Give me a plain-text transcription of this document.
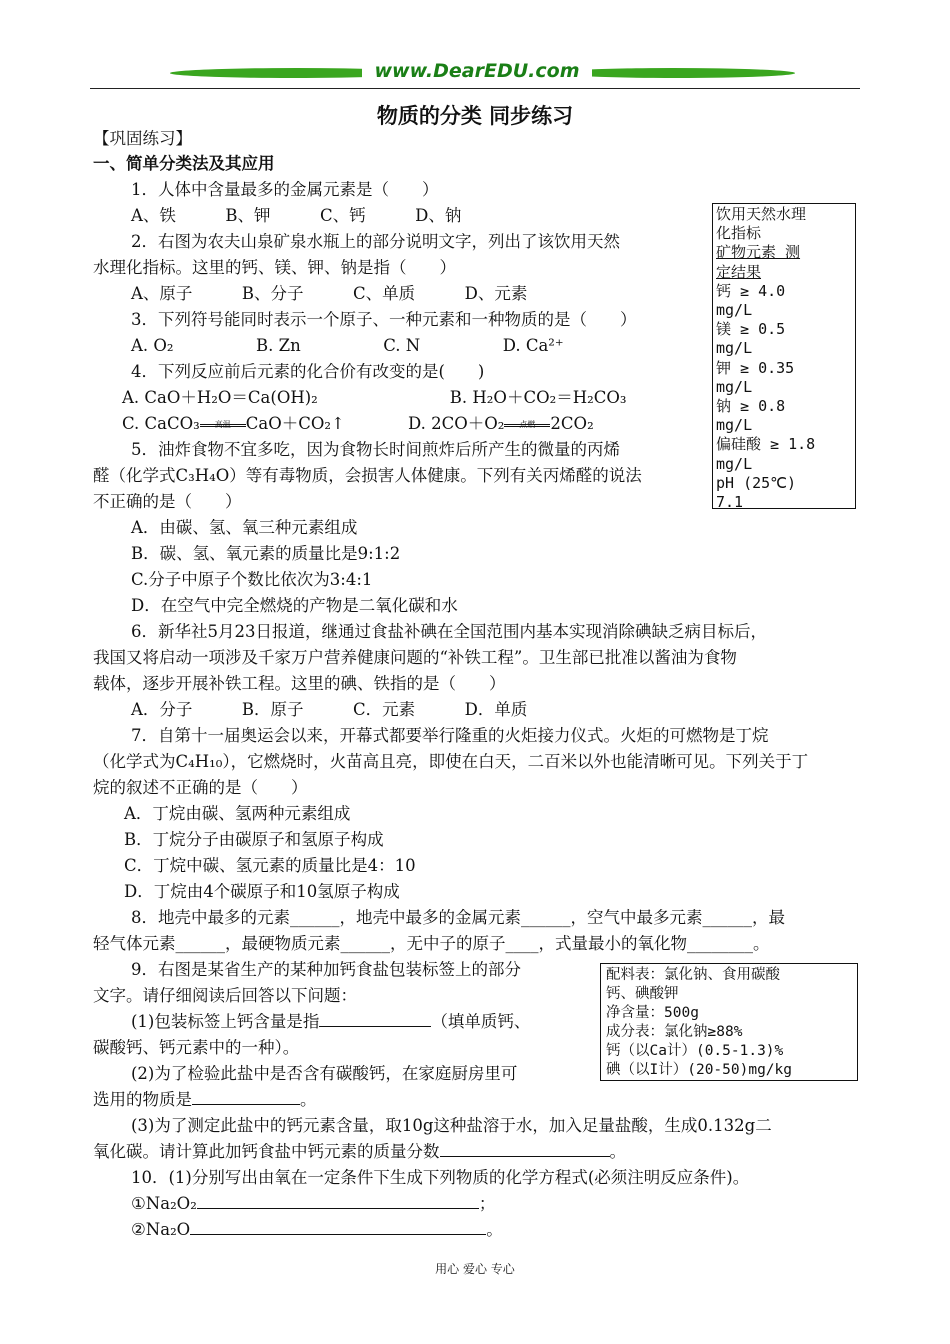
www.DearEDU.com
物质的分类 同步练习
【巩固练习】
一、简单分类法及其应用
1．人体中含量最多的金属元素是（　　）
A、铁　　　B、钾　　　C、钙　　　D、钠
2．右图为农夫山泉矿泉水瓶上的部分说明文字，列出了该饮用天然
水理化指标。这里的钙、镁、钾、钠是指（　　）
A、原子　　　B、分子　　　C、单质　　　D、元素
3．下列符号能同时表示一个原子、一种元素和一种物质的是（　　）
A. O₂　　　　　B. Zn　　　　　C. N　　　　　D. Ca²⁺
4．下列反应前后元素的化合价有改变的是(　　)
A. CaO＋H₂O＝Ca(OH)₂　　　　　　　　B. H₂O＋CO₂＝H₂CO₃
C. CaCO₃	高温 CaO＋CO₂↑	D. 2CO＋O₂	点燃 2CO₂
5．油炸食物不宜多吃，因为食物长时间煎炸后所产生的微量的丙烯
醛（化学式C₃H₄O）等有毒物质，会损害人体健康。下列有关丙烯醛的说法
不正确的是（　　）
A．由碳、氢、氧三种元素组成
B．碳、氢、氧元素的质量比是9:1:2
C.分子中原子个数比依次为3:4:1
D．在空气中完全燃烧的产物是二氧化碳和水
6．新华社5月23日报道，继通过食盐补碘在全国范围内基本实现消除碘缺乏病目标后，
我国又将启动一项涉及千家万户营养健康问题的“补铁工程”。卫生部已批准以酱油为食物
载体，逐步开展补铁工程。这里的碘、铁指的是（　　）
A．分子　　　B．原子　　　C．元素　　　D．单质
7．自第十一届奥运会以来，开幕式都要举行隆重的火炬接力仪式。火炬的可燃物是丁烷
（化学式为C₄H₁₀），它燃烧时，火苗高且亮，即使在白天，二百米以外也能清晰可见。下列关于丁
烷的叙述不正确的是（　　）
A．丁烷由碳、氢两种元素组成
B．丁烷分子由碳原子和氢原子构成
C．丁烷中碳、氢元素的质量比是4：10
D．丁烷由4个碳原子和10氢原子构成
8．地壳中最多的元素______，地壳中最多的金属元素______，空气中最多元素______，最
轻气体元素______，最硬物质元素______，无中子的原子____，式量最小的氧化物________。
9．右图是某省生产的某种加钙食盐包装标签上的部分
文字。请仔细阅读后回答以下问题：
(1)包装标签上钙含量是指	（填单质钙、
碳酸钙、钙元素中的一种）。
(2)为了检验此盐中是否含有碳酸钙，在家庭厨房里可
选用的物质是	。
(3)为了测定此盐中的钙元素含量，取10g这种盐溶于水，加入足量盐酸，生成0.132g二
氧化碳。请计算此加钙食盐中钙元素的质量分数	。
10．(1)分别写出由氧在一定条件下生成下列物质的化学方程式(必须注明反应条件)。
①Na₂O₂	；
②Na₂O	。
饮用天然水理
化指标
矿物元素 测
定结果
钙 ≥ 4.0
mg/L
镁 ≥ 0.5
mg/L
钾 ≥ 0.35
mg/L
钠 ≥ 0.8
mg/L
偏硅酸 ≥ 1.8
mg/L
pH (25℃)
7.1
配料表：氯化钠、食用碳酸
钙、碘酸钾
净含量：500g
成分表：氯化钠≥88%
钙（以Ca计）(0.5-1.3)%
碘（以I计）(20-50)mg/kg
用心 爱心 专心
